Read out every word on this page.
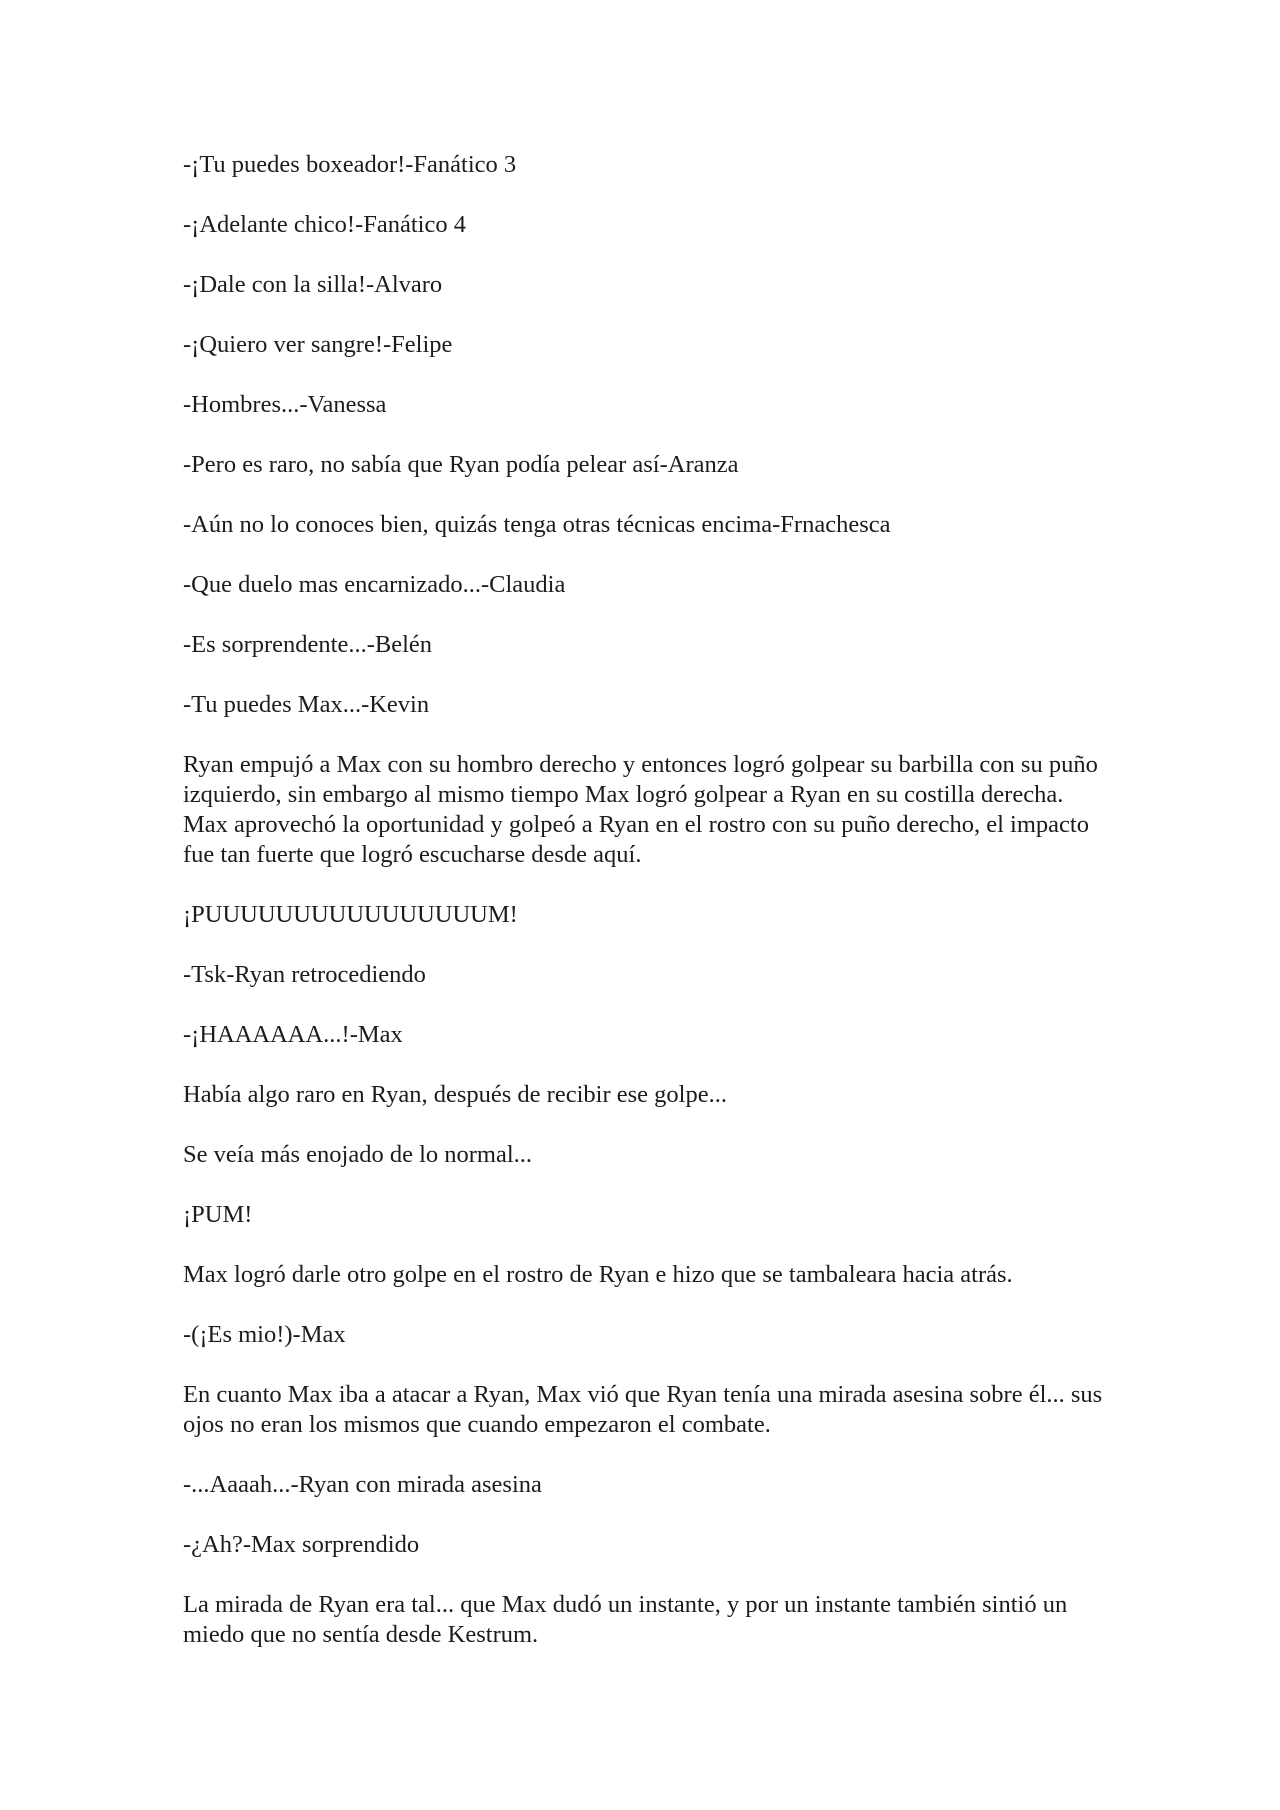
-¡Tu puedes boxeador!-Fanático 3

-¡Adelante chico!-Fanático 4

-¡Dale con la silla!-Alvaro

-¡Quiero ver sangre!-Felipe

-Hombres...-Vanessa

-Pero es raro, no sabía que Ryan podía pelear así-Aranza

-Aún no lo conoces bien, quizás tenga otras técnicas encima-Frnachesca

-Que duelo mas encarnizado...-Claudia

-Es sorprendente...-Belén

-Tu puedes Max...-Kevin

Ryan empujó a Max con su hombro derecho y entonces logró golpear su barbilla con su puño izquierdo, sin embargo al mismo tiempo Max logró golpear a Ryan en su costilla derecha. Max aprovechó la oportunidad y golpeó a Ryan en el rostro con su puño derecho, el impacto fue tan fuerte que logró escucharse desde aquí.

¡PUUUUUUUUUUUUUUUUM!

-Tsk-Ryan retrocediendo

-¡HAAAAAA...!-Max

Había algo raro en Ryan, después de recibir ese golpe...

Se veía más enojado de lo normal...

¡PUM!

Max logró darle otro golpe en el rostro de Ryan e hizo que se tambaleara hacia atrás.

-(¡Es mio!)-Max

En cuanto Max iba a atacar a Ryan, Max vió que Ryan tenía una mirada asesina sobre él... sus ojos no eran los mismos que cuando empezaron el combate.

-...Aaaah...-Ryan con mirada asesina

-¿Ah?-Max sorprendido

La mirada de Ryan era tal... que Max dudó un instante, y por un instante también sintió un miedo que no sentía desde Kestrum.
